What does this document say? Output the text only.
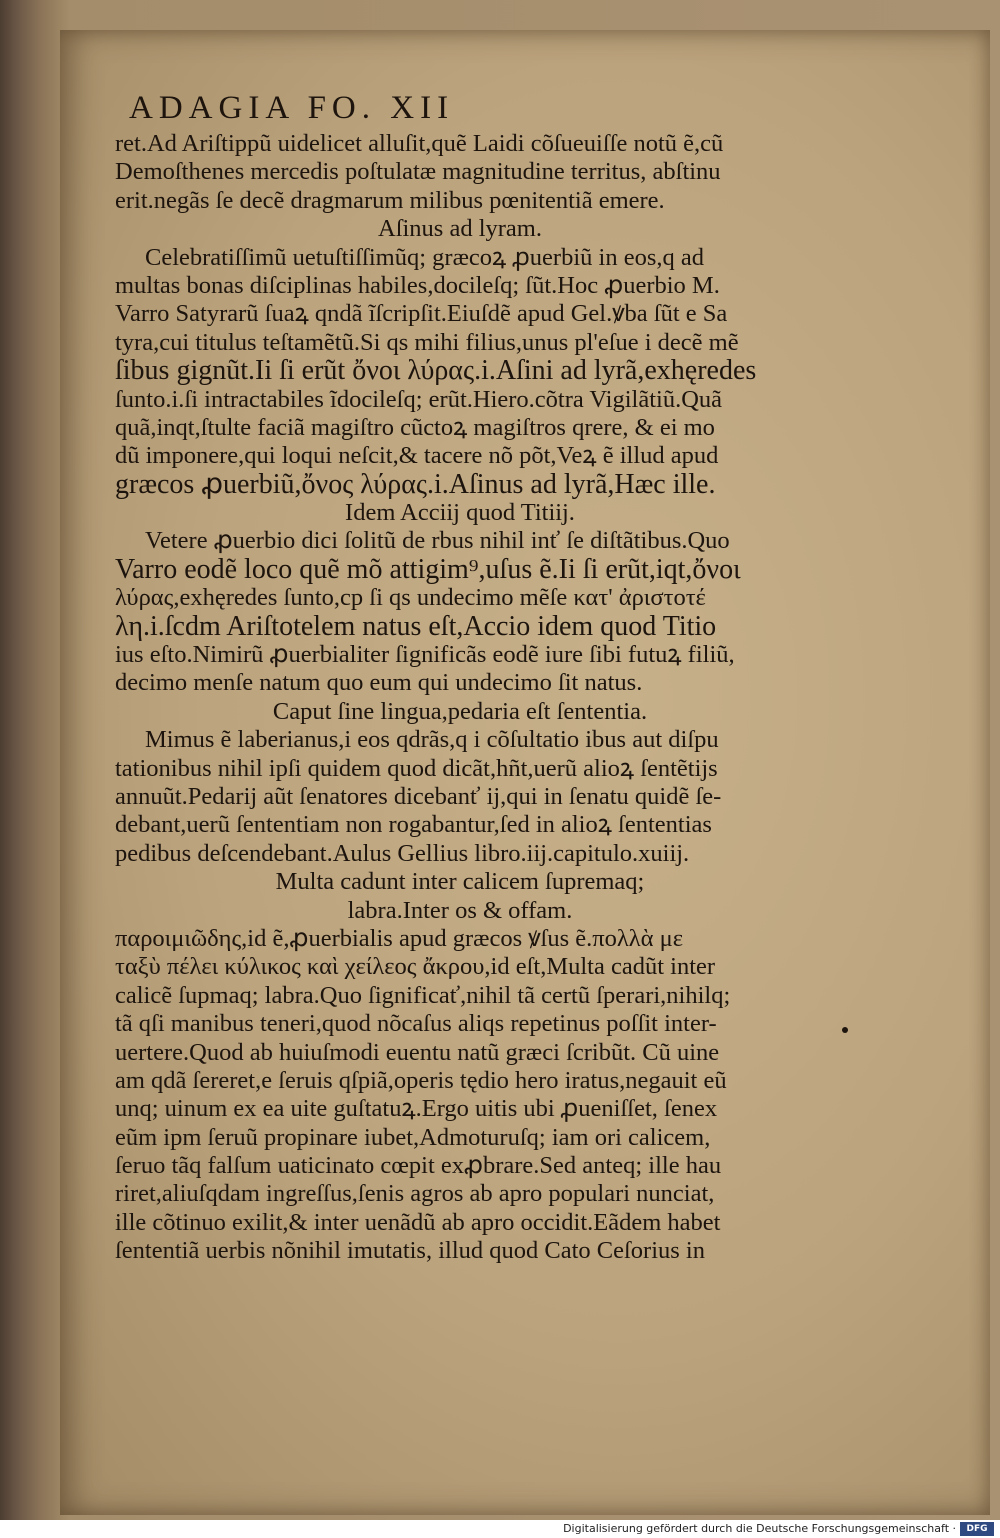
ADAGIA FO. XII
ret.Ad Ariſtippũ uidelicet alluſit,quẽ Laidi cõſueuiſſe notũ ẽ,cũ
Demoſthenes mercedis poſtulatæ magnitudine territus, abſtinu
erit.negãs ſe decẽ dragmarum milibus pœnitentiã emere.
Aſinus ad lyram.
Celebratiſſimũ uetuſtiſſimũq; græcoꝝ ꝓuerbiũ in eos,q ad
multas bonas diſciplinas habiles,docileſq; ſũt.Hoc ꝓuerbio M.
Varro Satyrarũ ſuaꝝ qndã ĩſcripſit.Eiuſdẽ apud Gel.ꝟba ſũt e Sa
tyra,cui titulus teſtamẽtũ.Si qs mihi filius,unus pl'eſue i decẽ mẽ
ſibus gignũt.Ii ſi erũt ὄνοι λύρας.i.Aſini ad lyrã,exhęredes
ſunto.i.ſi intractabiles ĩdocileſq; erũt.Hiero.cõtra Vigilãtiũ.Quã
quã,inqt,ſtulte faciã magiſtro cũctoꝝ magiſtros qrere, & ei mo
dũ imponere,qui loqui neſcit,& tacere nõ põt,Veꝝ ẽ illud apud
græcos ꝓuerbiũ,ὄνος λύρας.i.Aſinus ad lyrã,Hæc ille.
Idem Acciĳ quod Titiĳ.
Vetere ꝓuerbio dici ſolitũ de rbus nihil inť ſe diſtãtibus.Quo
Varro eodẽ loco quẽ mõ attigim⁹,uſus ẽ.Ii ſi erũt,iqt,ὄνοι
λύρας,exhęredes ſunto,cp ſi qs undecimo mẽſe κατ' ἀριστοτέ
λη.i.ſcdm Ariſtotelem natus eſt,Accio idem quod Titio
ius eſto.Nimirũ ꝓuerbialiter ſignificãs eodẽ iure ſibi futuꝝ filiũ,
decimo menſe natum quo eum qui undecimo ſit natus.
Caput ſine lingua,pedaria eſt ſententia.
Mimus ẽ laberianus,i eos qdrãs,q i cõſultatio ibus aut diſpu
tationibus nihil ipſi quidem quod dicãt,hñt,uerũ alioꝝ ſentẽtĳs
annuũt.Pedarĳ aũt ſenatores dicebanť ĳ,qui in ſenatu quidẽ ſe-
debant,uerũ ſententiam non rogabantur,ſed in alioꝝ ſententias
pedibus deſcendebant.Aulus Gellius libro.iĳ.capitulo.xuiĳ.
Multa cadunt inter calicem ſupremaq;
labra.Inter os & offam.
παροιμιῶδης,id ẽ,ꝓuerbialis apud græcos ꝟſus ẽ.πολλὰ με
ταξὺ πέλει κύλικος καὶ χείλεος ἄκρου,id eſt,Multa cadũt inter
calicẽ ſupmaq; labra.Quo ſignificať,nihil tã certũ ſperari,nihilq;
tã qſi manibus teneri,quod nõcaſus aliqs repetinus poſſit inter-
uertere.Quod ab huiuſmodi euentu natũ græci ſcribũt. Cũ uine
am qdã ſereret,e ſeruis qſpiã,operis tędio hero iratus,negauit eũ
unq; uinum ex ea uite guſtatuꝝ.Ergo uitis ubi ꝓueniſſet, ſenex
eũm ipm ſeruũ propinare iubet,Admoturuſq; iam ori calicem,
ſeruo tãq falſum uaticinato cœpit exꝓbrare.Sed anteq; ille hau
riret,aliuſqdam ingreſſus,ſenis agros ab apro populari nunciat,
ille cõtinuo exilit,& inter uenãdũ ab apro occidit.Eãdem habet
ſententiã uerbis nõnihil imutatis, illud quod Cato Ceſorius in
Digitalisierung gefördert durch die Deutsche Forschungsgemeinschaft ·	DFG
